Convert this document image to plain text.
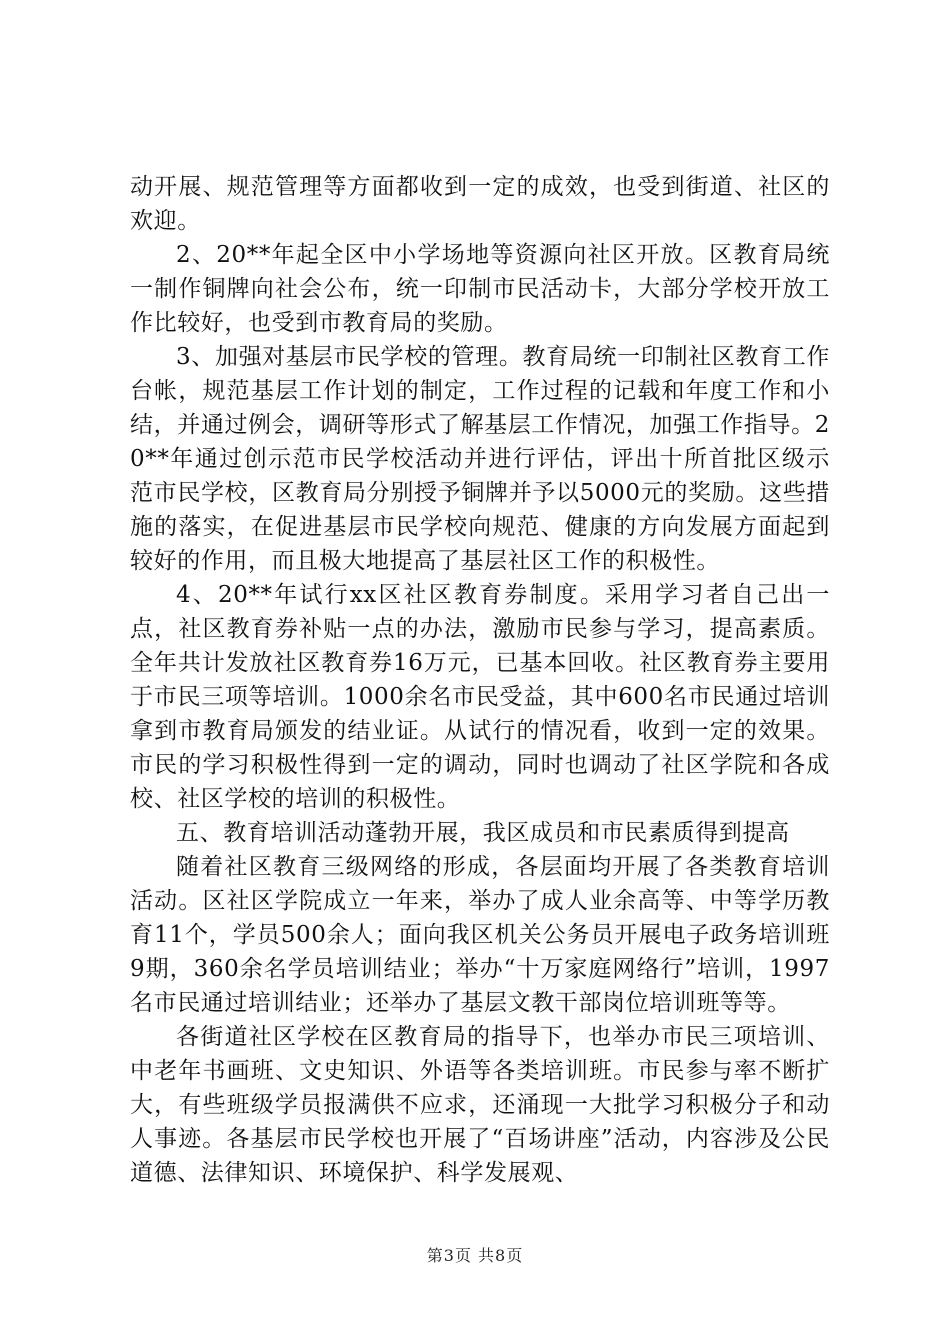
动开展、规范管理等方面都收到一定的成效，也受到街道、社区的欢迎。

2、20**年起全区中小学场地等资源向社区开放。区教育局统一制作铜牌向社会公布，统一印制市民活动卡，大部分学校开放工作比较好，也受到市教育局的奖励。

3、加强对基层市民学校的管理。教育局统一印制社区教育工作台帐，规范基层工作计划的制定，工作过程的记载和年度工作和小结，并通过例会，调研等形式了解基层工作情况，加强工作指导。20**年通过创示范市民学校活动并进行评估，评出十所首批区级示范市民学校，区教育局分别授予铜牌并予以5000元的奖励。这些措施的落实，在促进基层市民学校向规范、健康的方向发展方面起到较好的作用，而且极大地提高了基层社区工作的积极性。

4、20**年试行xx区社区教育券制度。采用学习者自己出一点，社区教育券补贴一点的办法，激励市民参与学习，提高素质。全年共计发放社区教育券16万元，已基本回收。社区教育券主要用于市民三项等培训。1000余名市民受益，其中600名市民通过培训拿到市教育局颁发的结业证。从试行的情况看，收到一定的效果。市民的学习积极性得到一定的调动，同时也调动了社区学院和各成校、社区学校的培训的积极性。

五、教育培训活动蓬勃开展，我区成员和市民素质得到提高

随着社区教育三级网络的形成，各层面均开展了各类教育培训活动。区社区学院成立一年来，举办了成人业余高等、中等学历教育11个，学员500余人；面向我区机关公务员开展电子政务培训班9期，360余名学员培训结业；举办“十万家庭网络行”培训，1997名市民通过培训结业；还举办了基层文教干部岗位培训班等等。

各街道社区学校在区教育局的指导下，也举办市民三项培训、中老年书画班、文史知识、外语等各类培训班。市民参与率不断扩大，有些班级学员报满供不应求，还涌现一大批学习积极分子和动人事迹。各基层市民学校也开展了“百场讲座”活动，内容涉及公民道德、法律知识、环境保护、科学发展观、

第3页 共8页
